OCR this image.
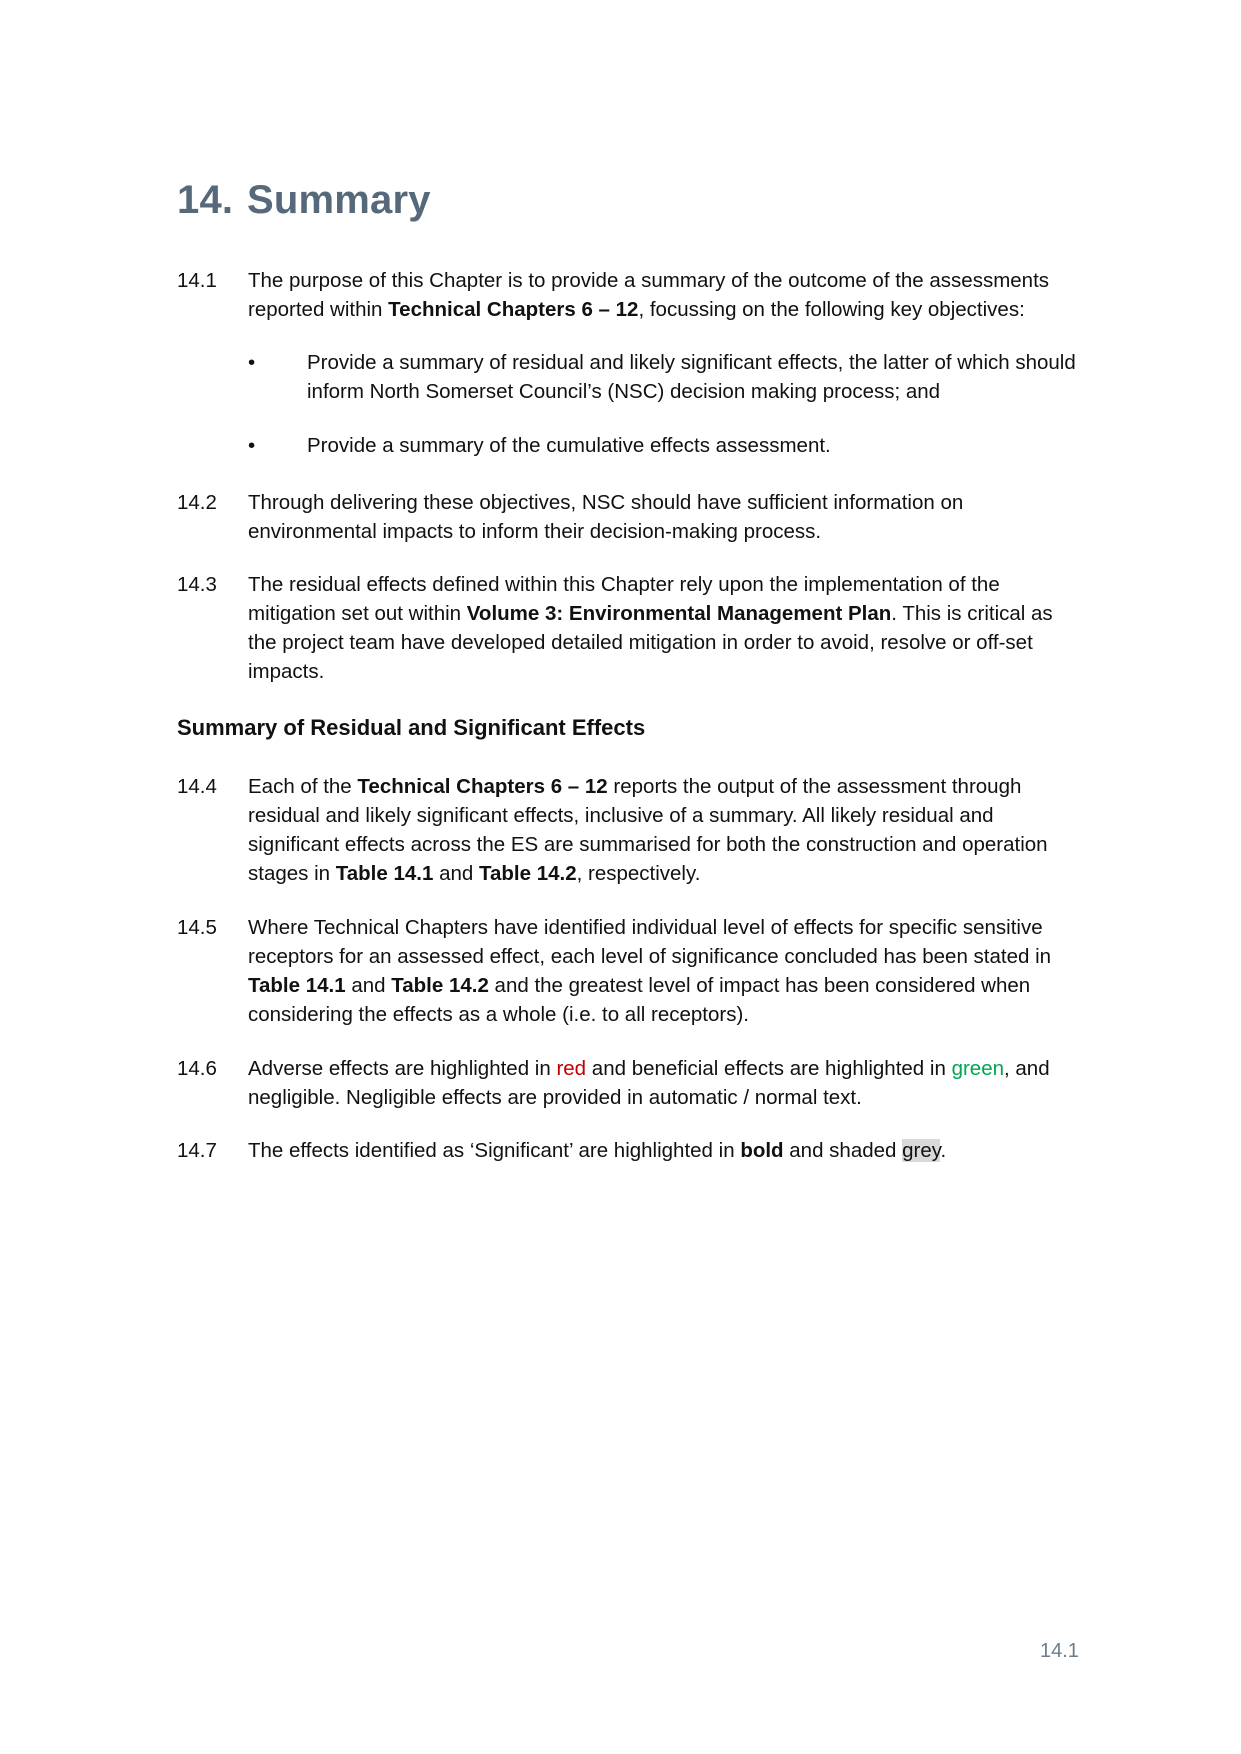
14. Summary
14.1	The purpose of this Chapter is to provide a summary of the outcome of the assessments reported within Technical Chapters 6 – 12, focussing on the following key objectives:
•	Provide a summary of residual and likely significant effects, the latter of which should inform North Somerset Council’s (NSC) decision making process; and
•	Provide a summary of the cumulative effects assessment.
14.2	Through delivering these objectives, NSC should have sufficient information on environmental impacts to inform their decision-making process.
14.3	The residual effects defined within this Chapter rely upon the implementation of the mitigation set out within Volume 3: Environmental Management Plan. This is critical as the project team have developed detailed mitigation in order to avoid, resolve or off-set impacts.
Summary of Residual and Significant Effects
14.4	Each of the Technical Chapters 6 – 12 reports the output of the assessment through residual and likely significant effects, inclusive of a summary. All likely residual and significant effects across the ES are summarised for both the construction and operation stages in Table 14.1 and Table 14.2, respectively.
14.5	Where Technical Chapters have identified individual level of effects for specific sensitive receptors for an assessed effect, each level of significance concluded has been stated in Table 14.1 and Table 14.2 and the greatest level of impact has been considered when considering the effects as a whole (i.e. to all receptors).
14.6	Adverse effects are highlighted in red and beneficial effects are highlighted in green, and negligible. Negligible effects are provided in automatic / normal text.
14.7	The effects identified as ‘Significant’ are highlighted in bold and shaded grey.
14.1
